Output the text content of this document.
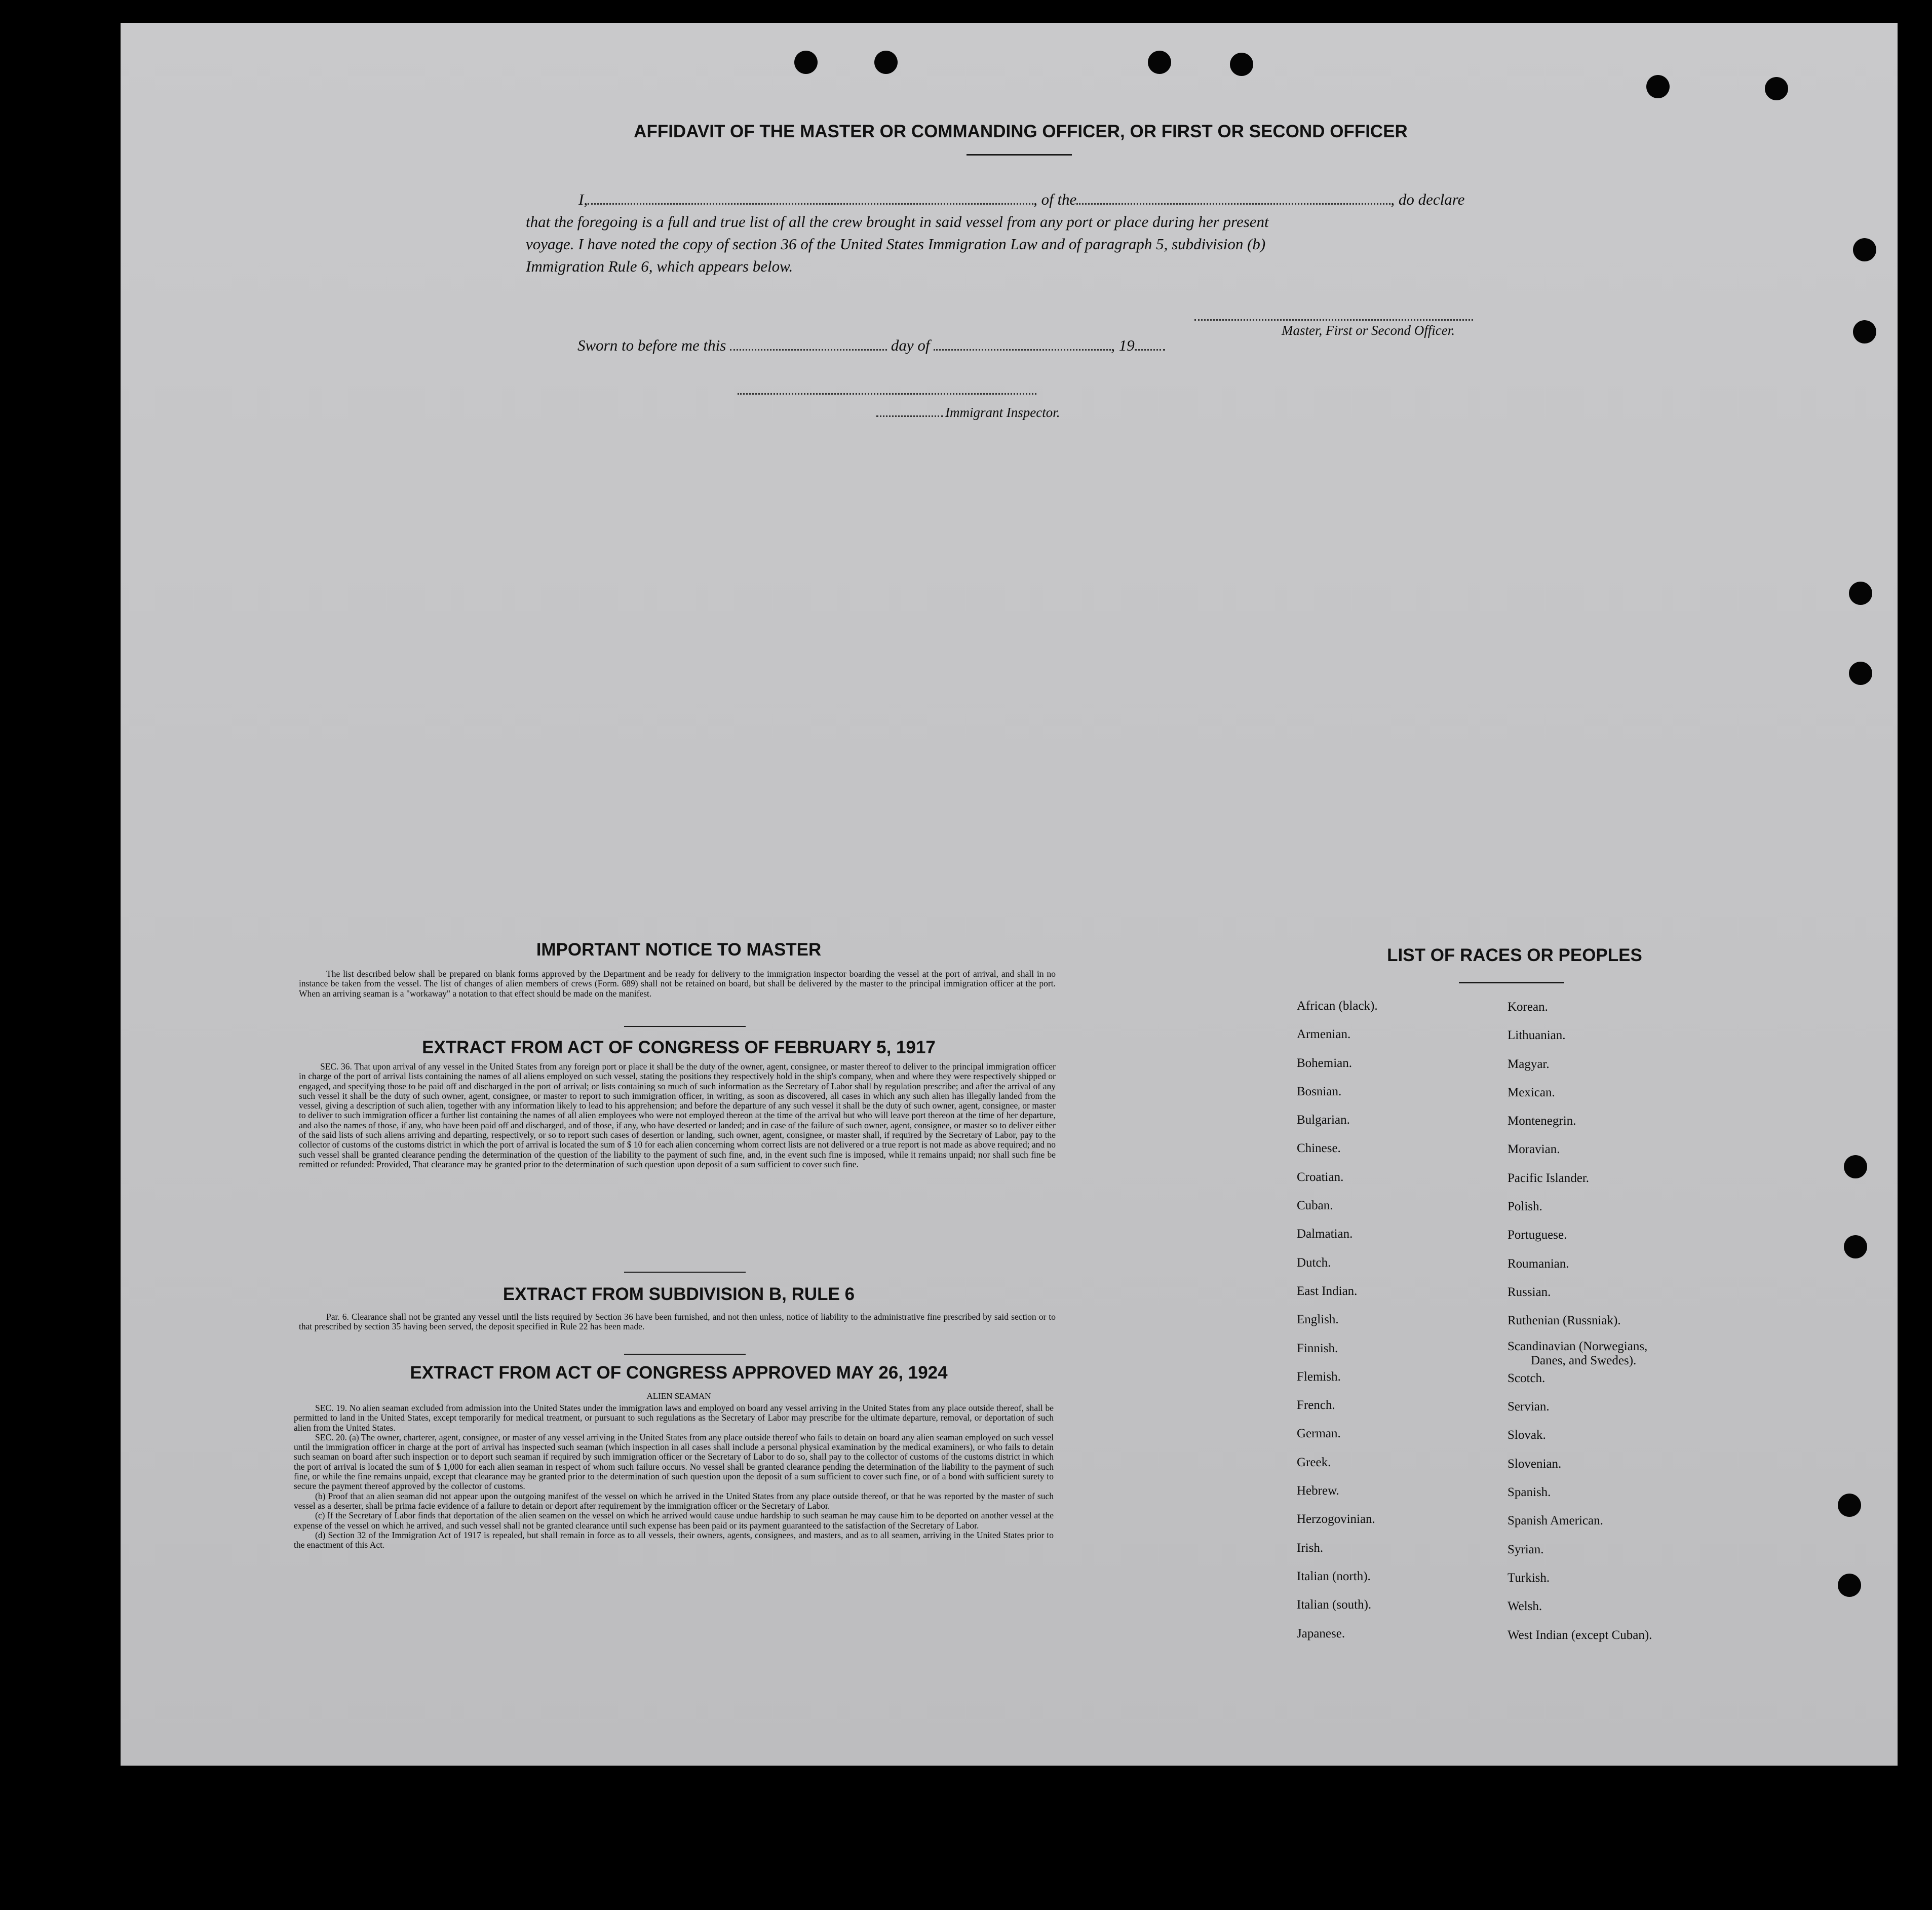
AFFIDAVIT OF THE MASTER OR COMMANDING OFFICER, OR FIRST OR SECOND OFFICER
I,	, of the	, do declare
that the foregoing is a full and true list of all the crew brought in said vessel from any port or place during her present
voyage. I have noted the copy of section 36 of the United States Immigration Law and of paragraph 5, subdivision (b)
Immigration Rule 6, which appears below.
Master, First or Second Officer.
Sworn to before me this	day of	, 19
Immigrant Inspector.
IMPORTANT NOTICE TO MASTER

The list described below shall be prepared on blank forms approved by the Department and be ready for delivery to the immigration inspector boarding the vessel at the port of arrival, and shall in no instance be taken from the vessel. The list of changes of alien members of crews (Form. 689) shall not be retained on board, but shall be delivered by the master to the principal immigration officer at the port. When an arriving seaman is a "workaway" a notation to that effect should be made on the manifest.

EXTRACT FROM ACT OF CONGRESS OF FEBRUARY 5, 1917

SEC. 36. That upon arrival of any vessel in the United States from any foreign port or place it shall be the duty of the owner, agent, consignee, or master thereof to deliver to the principal immigration officer in charge of the port of arrival lists containing the names of all aliens employed on such vessel, stating the positions they respectively hold in the ship's company, when and where they were respectively shipped or engaged, and specifying those to be paid off and discharged in the port of arrival; or lists containing so much of such information as the Secretary of Labor shall by regulation prescribe; and after the arrival of any such vessel it shall be the duty of such owner, agent, consignee, or master to report to such immigration officer, in writing, as soon as discovered, all cases in which any such alien has illegally landed from the vessel, giving a description of such alien, together with any information likely to lead to his apprehension; and before the departure of any such vessel it shall be the duty of such owner, agent, consignee, or master to deliver to such immigration officer a further list containing the names of all alien employees who were not employed thereon at the time of the arrival but who will leave port thereon at the time of her departure, and also the names of those, if any, who have been paid off and discharged, and of those, if any, who have deserted or landed; and in case of the failure of such owner, agent, consignee, or master so to deliver either of the said lists of such aliens arriving and departing, respectively, or so to report such cases of desertion or landing, such owner, agent, consignee, or master shall, if required by the Secretary of Labor, pay to the collector of customs of the customs district in which the port of arrival is located the sum of $ 10 for each alien concerning whom correct lists are not delivered or a true report is not made as above required; and no such vessel shall be granted clearance pending the determination of the question of the liability to the payment of such fine, and, in the event such fine is imposed, while it remains unpaid; nor shall such fine be remitted or refunded: Provided, That clearance may be granted prior to the determination of such question upon deposit of a sum sufficient to cover such fine.

EXTRACT FROM SUBDIVISION B, RULE 6

Par. 6. Clearance shall not be granted any vessel until the lists required by Section 36 have been furnished, and not then unless, notice of liability to the administrative fine prescribed by said section or to that prescribed by section 35 having been served, the deposit specified in Rule 22 has been made.

EXTRACT FROM ACT OF CONGRESS APPROVED MAY 26, 1924
ALIEN SEAMAN

SEC. 19. No alien seaman excluded from admission into the United States under the immigration laws and employed on board any vessel arriving in the United States from any place outside thereof, shall be permitted to land in the United States, except temporarily for medical treatment, or pursuant to such regulations as the Secretary of Labor may prescribe for the ultimate departure, removal, or deportation of such alien from the United States.

SEC. 20. (a) The owner, charterer, agent, consignee, or master of any vessel arriving in the United States from any place outside thereof who fails to detain on board any alien seaman employed on such vessel until the immigration officer in charge at the port of arrival has inspected such seaman (which inspection in all cases shall include a personal physical examination by the medical examiners), or who fails to detain such seaman on board after such inspection or to deport such seaman if required by such immigration officer or the Secretary of Labor to do so, shall pay to the collector of customs of the customs district in which the port of arrival is located the sum of $ 1,000 for each alien seaman in respect of whom such failure occurs. No vessel shall be granted clearance pending the determination of the liability to the payment of such fine, or while the fine remains unpaid, except that clearance may be granted prior to the determination of such question upon the deposit of a sum sufficient to cover such fine, or of a bond with sufficient surety to secure the payment thereof approved by the collector of customs.

(b) Proof that an alien seaman did not appear upon the outgoing manifest of the vessel on which he arrived in the United States from any place outside thereof, or that he was reported by the master of such vessel as a deserter, shall be prima facie evidence of a failure to detain or deport after requirement by the immigration officer or the Secretary of Labor.

(c) If the Secretary of Labor finds that deportation of the alien seamen on the vessel on which he arrived would cause undue hardship to such seaman he may cause him to be deported on another vessel at the expense of the vessel on which he arrived, and such vessel shall not be granted clearance until such expense has been paid or its payment guaranteed to the satisfaction of the Secretary of Labor.

(d) Section 32 of the Immigration Act of 1917 is repealed, but shall remain in force as to all vessels, their owners, agents, consignees, and masters, and as to all seamen, arriving in the United States prior to the enactment of this Act.

LIST OF RACES OR PEOPLES
African (black).
Armenian.
Bohemian.
Bosnian.
Bulgarian.
Chinese.
Croatian.
Cuban.
Dalmatian.
Dutch.
East Indian.
English.
Finnish.
Flemish.
French.
German.
Greek.
Hebrew.
Herzogovinian.
Irish.
Italian (north).
Italian (south).
Japanese.
Korean.
Lithuanian.
Magyar.
Mexican.
Montenegrin.
Moravian.
Pacific Islander.
Polish.
Portuguese.
Roumanian.
Russian.
Ruthenian (Russniak).
Scandinavian (Norwegians,
Danes, and Swedes).
Scotch.
Servian.
Slovak.
Slovenian.
Spanish.
Spanish American.
Syrian.
Turkish.
Welsh.
West Indian (except Cuban).
